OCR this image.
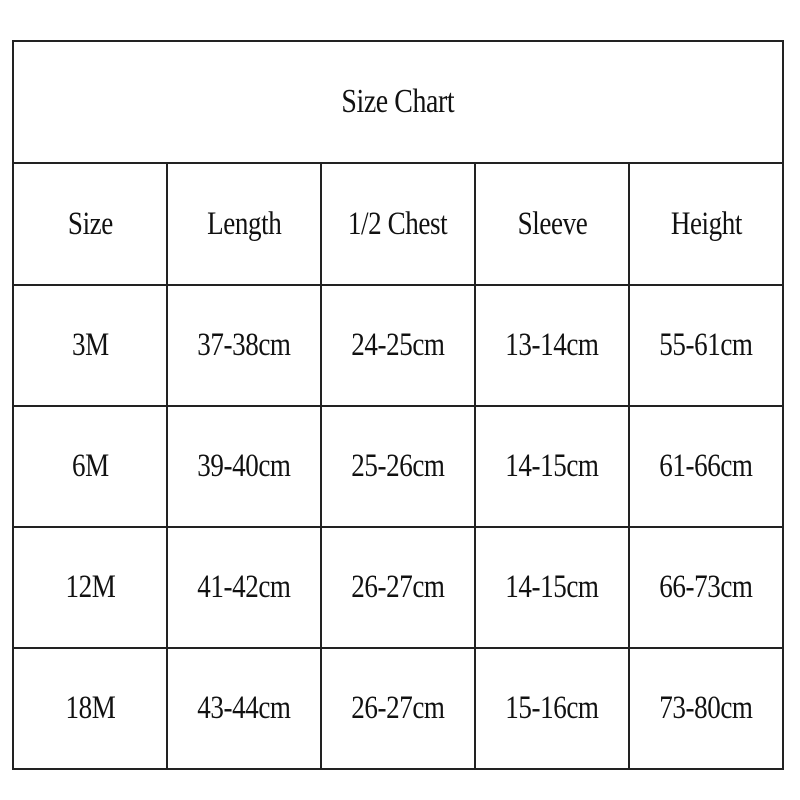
Size Chart				
Size	Length	1/2 Chest	Sleeve	Height
3M	37-38cm	24-25cm	13-14cm	55-61cm
6M	39-40cm	25-26cm	14-15cm	61-66cm
12M	41-42cm	26-27cm	14-15cm	66-73cm
18M	43-44cm	26-27cm	15-16cm	73-80cm
